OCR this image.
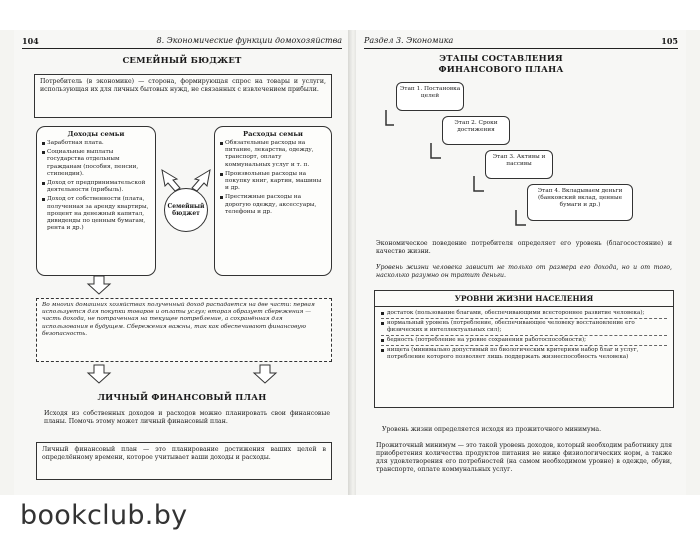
104	8. Экономические функции домохозяйства
СЕМЕЙНЫЙ БЮДЖЕТ
Потребитель (в экономике) — сторона, формирующая спрос на товары и услуги, использующая их для личных бытовых нужд, не связанных с извлечением прибыли.
Доходы семьи
Заработная плата.
Социальные выплаты государства отдельным гражданам (пособия, пенсии, стипендии).
Доход от предпринимательской деятельности (прибыль).
Доход от собственности (плата, полученная за аренду квартиры, процент на денежный капитал, дивиденды по ценным бумагам, рента и др.)
Семейный бюджет
Расходы семьи
Обязательные расходы на питание, лекарства, одежду, транспорт, оплату коммунальных услуг и т. п.
Произвольные расходы на покупку книг, картин, машины и др.
Престижные расходы на дорогую одежду, аксессуары, телефоны и др.
Во многих домашних хозяйствах полученный доход распадается на две части: первая используется для покупки товаров и оплаты услуг; вторая образует сбережения — часть дохода, не потраченная на текущее потребление, а сохранённая для использования в будущем. Сбережения важны, так как обеспечивают финансовую безопасность.
ЛИЧНЫЙ ФИНАНСОВЫЙ ПЛАН
Исходя из собственных доходов и расходов можно планировать свои финансовые планы. Помочь этому может личный финансовый план.
Личный финансовый план — это планирование достижения ваших целей в определённому времени, которое учитывает ваши доходы и расходы.
Раздел 3. Экономика	105
ЭТАПЫ СОСТАВЛЕНИЯ ФИНАНСОВОГО ПЛАНА
Этап 1. Постановка целей
Этап 2. Сроки достижения
Этап 3. Активы и пассивы
Этап 4. Вкладываем деньги (банковский вклад, ценные бумаги и др.)
Экономическое поведение потребителя определяет его уровень (благосостояние) и качество жизни.
Уровень жизни человека зависит не только от размера его дохода, но и от того, насколько разумно он тратит деньги.
УРОВНИ ЖИЗНИ НАСЕЛЕНИЯ
достаток (пользование благами, обеспечивающими всестороннее развитие человека);
нормальный уровень (потребление, обеспечивающее человеку восстановление его физических и интеллектуальных сил);
бедность (потребление на уровне сохранения работоспособности);
нищета (минимально допустимый по биологическим критериям набор благ и услуг, потребление которого позволяет лишь поддержать жизнеспособность человека)
Уровень жизни определяется исходя из прожиточного минимума.
Прожиточный минимум — это такой уровень доходов, который необходим работнику для приобретения количества продуктов питания не ниже физиологических норм, а также для удовлетворения его потребностей (на самом необходимом уровне) в одежде, обуви, транспорте, оплате коммунальных услуг.
bookclub.by
